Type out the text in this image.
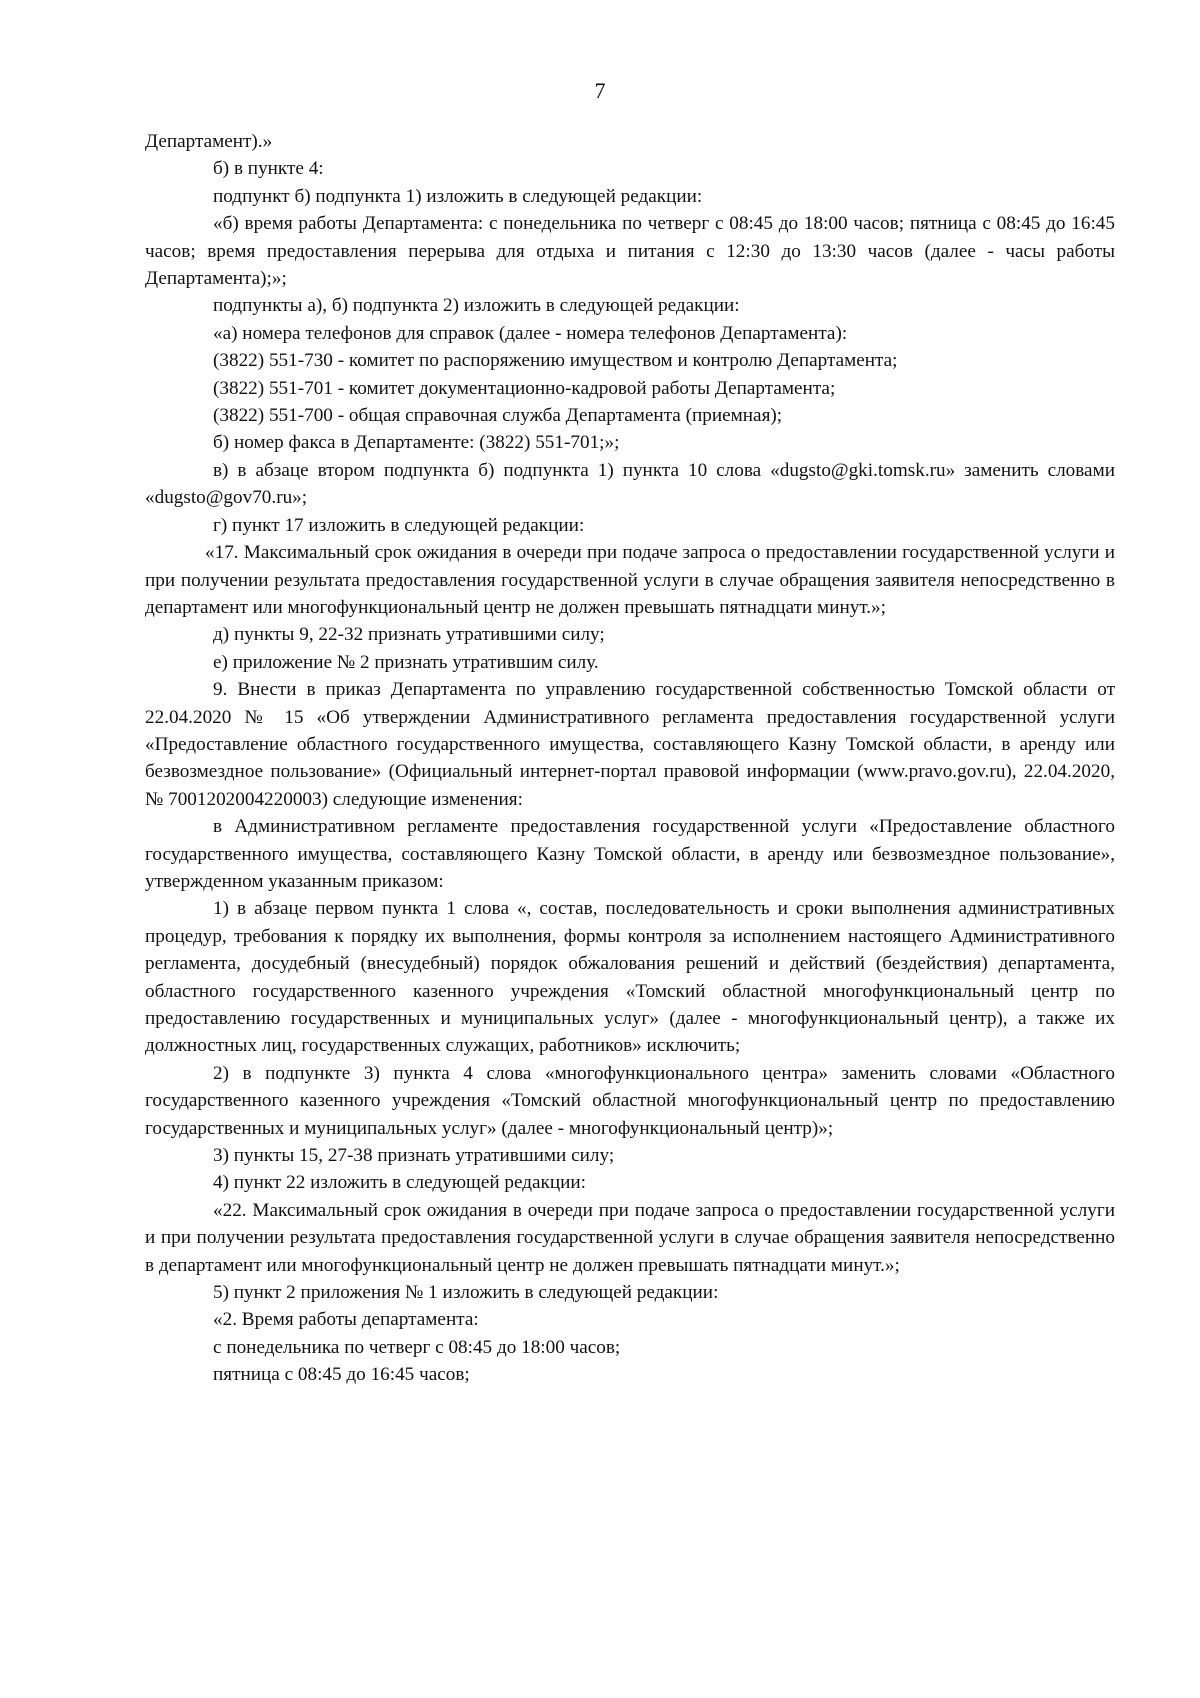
7

Департамент).»

б) в пункте 4:

подпункт б) подпункта 1) изложить в следующей редакции:

«б) время работы Департамента: с понедельника по четверг с 08:45 до 18:00 часов; пятница с 08:45 до 16:45 часов; время предоставления перерыва для отдыха и питания с 12:30 до 13:30 часов (далее - часы работы Департамента);»;

подпункты а), б) подпункта 2) изложить в следующей редакции:

«а) номера телефонов для справок (далее - номера телефонов Департамента):

(3822) 551-730 - комитет по распоряжению имуществом и контролю Департамента;

(3822) 551-701 - комитет документационно-кадровой работы Департамента;

(3822) 551-700 - общая справочная служба Департамента (приемная);

б) номер факса в Департаменте: (3822) 551-701;»;

в) в абзаце втором подпункта б) подпункта 1) пункта 10 слова «dugsto@gki.tomsk.ru» заменить словами «dugsto@gov70.ru»;

г) пункт 17 изложить в следующей редакции:

«17. Максимальный срок ожидания в очереди при подаче запроса о предоставлении государственной услуги и при получении результата предоставления государственной услуги в случае обращения заявителя непосредственно в департамент или многофункциональный центр не должен превышать пятнадцати минут.»;

д) пункты 9, 22-32 признать утратившими силу;

е) приложение № 2 признать утратившим силу.

9. Внести в приказ Департамента по управлению государственной собственностью Томской области от 22.04.2020 № 15 «Об утверждении Административного регламента предоставления государственной услуги «Предоставление областного государственного имущества, составляющего Казну Томской области, в аренду или безвозмездное пользование» (Официальный интернет-портал правовой информации (www.pravo.gov.ru), 22.04.2020, № 7001202004220003) следующие изменения:

в Административном регламенте предоставления государственной услуги «Предоставление областного государственного имущества, составляющего Казну Томской области, в аренду или безвозмездное пользование», утвержденном указанным приказом:

1) в абзаце первом пункта 1 слова «, состав, последовательность и сроки выполнения административных процедур, требования к порядку их выполнения, формы контроля за исполнением настоящего Административного регламента, досудебный (внесудебный) порядок обжалования решений и действий (бездействия) департамента, областного государственного казенного учреждения «Томский областной многофункциональный центр по предоставлению государственных и муниципальных услуг» (далее - многофункциональный центр), а также их должностных лиц, государственных служащих, работников» исключить;

2) в подпункте 3) пункта 4 слова «многофункционального центра» заменить словами «Областного государственного казенного учреждения «Томский областной многофункциональный центр по предоставлению государственных и муниципальных услуг» (далее - многофункциональный центр)»;

3) пункты 15, 27-38 признать утратившими силу;

4) пункт 22 изложить в следующей редакции:

«22. Максимальный срок ожидания в очереди при подаче запроса о предоставлении государственной услуги и при получении результата предоставления государственной услуги в случае обращения заявителя непосредственно в департамент или многофункциональный центр не должен превышать пятнадцати минут.»;

5) пункт 2 приложения № 1 изложить в следующей редакции:

«2. Время работы департамента:

с понедельника по четверг с 08:45 до 18:00 часов;

пятница с 08:45 до 16:45 часов;
